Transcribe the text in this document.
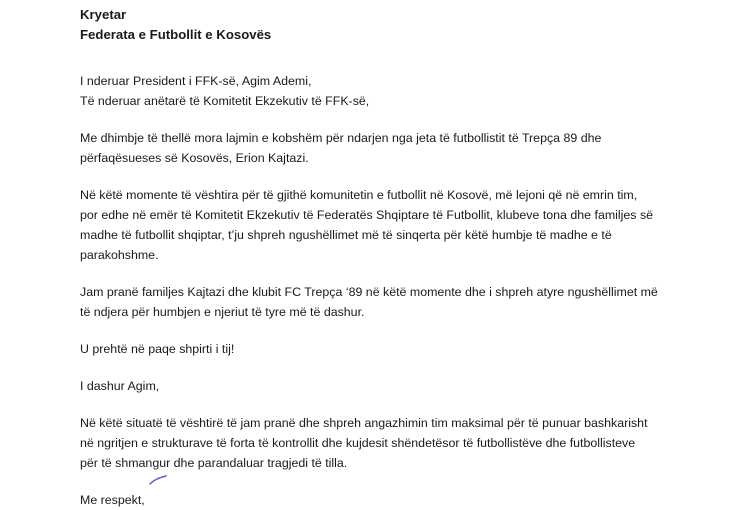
Kryetar
Federata e Futbollit e Kosovës

I nderuar President i FFK-së, Agim Ademi,

Të nderuar anëtarë të Komitetit Ekzekutiv të FFK-së,

Me dhimbje të thellë mora lajmin e kobshëm për ndarjen nga jeta të futbollistit të Trepça 89 dhe

përfaqësueses së Kosovës, Erion Kajtazi.

Në këtë momente të vështira për të gjithë komunitetin e futbollit në Kosovë, më lejoni që në emrin tim,

por edhe në emër të Komitetit Ekzekutiv të Federatës Shqiptare të Futbollit, klubeve tona dhe familjes së

madhe të futbollit shqiptar, t’ju shpreh ngushëllimet më të sinqerta për këtë humbje të madhe e të

parakohshme.

Jam pranë familjes Kajtazi dhe klubit FC Trepça ‘89 në këtë momente dhe i shpreh atyre ngushëllimet më

të ndjera për humbjen e njeriut të tyre më të dashur.

U prehtë në paqe shpirti i tij!

I dashur Agim,

Në këtë situatë të vështirë të jam pranë dhe shpreh angazhimin tim maksimal për të punuar bashkarisht

në ngritjen e strukturave të forta të kontrollit dhe kujdesit shëndetësor të futbollistëve dhe futbollisteve

për të shmangur dhe parandaluar tragjedi të tilla.

Me respekt,
